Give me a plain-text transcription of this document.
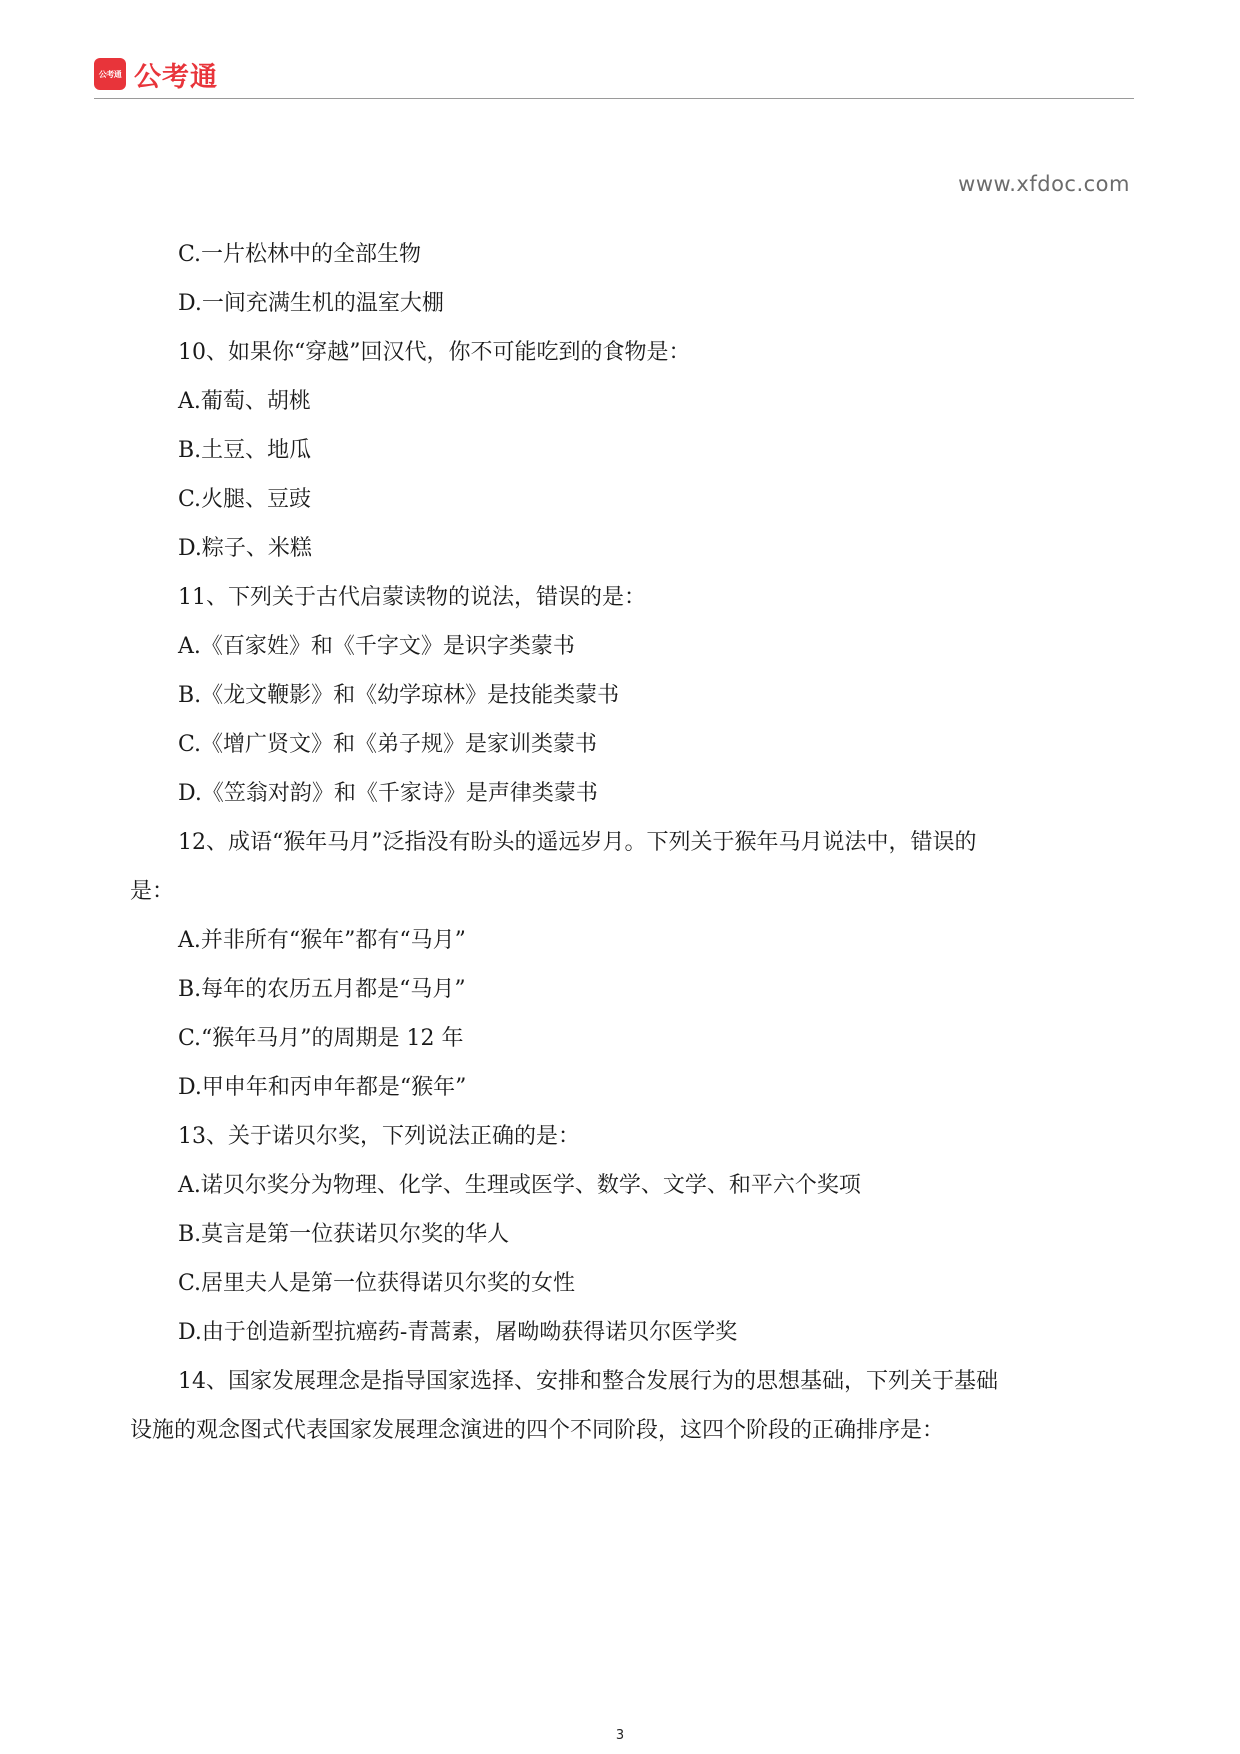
公考通 公考通
www.xfdoc.com
C.一片松林中的全部生物
D.一间充满生机的温室大棚
10、如果你“穿越”回汉代，你不可能吃到的食物是：
A.葡萄、胡桃
B.土豆、地瓜
C.火腿、豆豉
D.粽子、米糕
11、下列关于古代启蒙读物的说法，错误的是：
A.《百家姓》和《千字文》是识字类蒙书
B.《龙文鞭影》和《幼学琼林》是技能类蒙书
C.《增广贤文》和《弟子规》是家训类蒙书
D.《笠翁对韵》和《千家诗》是声律类蒙书
12、成语“猴年马月”泛指没有盼头的遥远岁月。下列关于猴年马月说法中，错误的
是：
A.并非所有“猴年”都有“马月”
B.每年的农历五月都是“马月”
C.“猴年马月”的周期是 12 年
D.甲申年和丙申年都是“猴年”
13、关于诺贝尔奖，下列说法正确的是：
A.诺贝尔奖分为物理、化学、生理或医学、数学、文学、和平六个奖项
B.莫言是第一位获诺贝尔奖的华人
C.居里夫人是第一位获得诺贝尔奖的女性
D.由于创造新型抗癌药-青蒿素，屠呦呦获得诺贝尔医学奖
14、国家发展理念是指导国家选择、安排和整合发展行为的思想基础，下列关于基础
设施的观念图式代表国家发展理念演进的四个不同阶段，这四个阶段的正确排序是：
3
